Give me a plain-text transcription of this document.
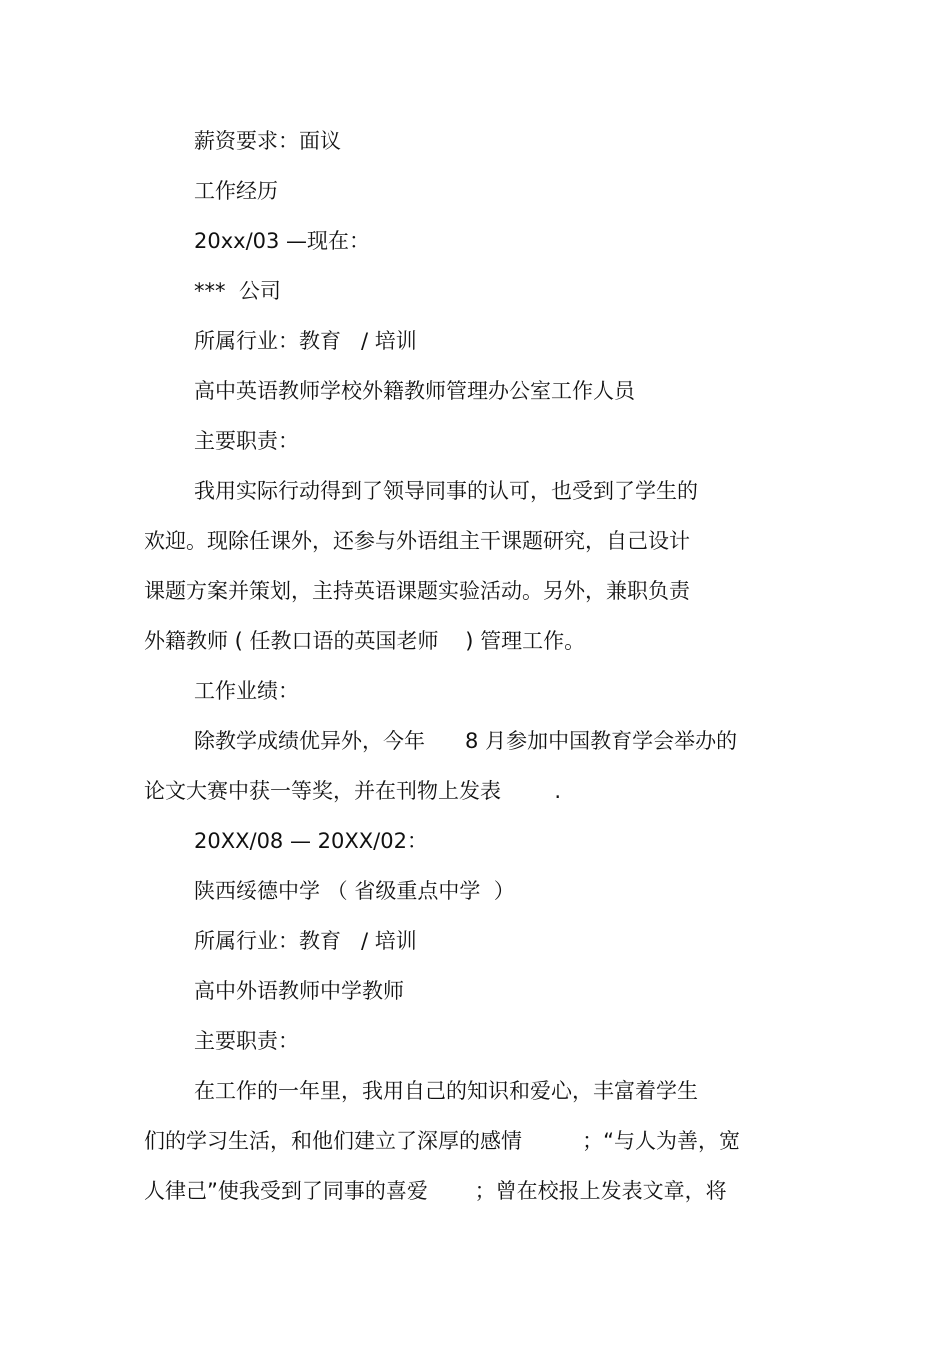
薪资要求：面议
工作经历
20xx/03 —现在：
***  公司
所属行业：教育   / 培训
高中英语教师学校外籍教师管理办公室工作人员
主要职责：
我用实际行动得到了领导同事的认可，也受到了学生的
欢迎。现除任课外，还参与外语组主干课题研究，自己设计
课题方案并策划，主持英语课题实验活动。另外，兼职负责
外籍教师 ( 任教口语的英国老师    ) 管理工作。
工作业绩：
除教学成绩优异外，今年      8 月参加中国教育学会举办的
论文大赛中获一等奖，并在刊物上发表        .
20XX/08 — 20XX/02：
陕西绥德中学 （ 省级重点中学  ）
所属行业：教育   / 培训
高中外语教师中学教师
主要职责：
在工作的一年里，我用自己的知识和爱心，丰富着学生
们的学习生活，和他们建立了深厚的感情         ；“与人为善，宽
人律己”使我受到了同事的喜爱       ；曾在校报上发表文章，将
